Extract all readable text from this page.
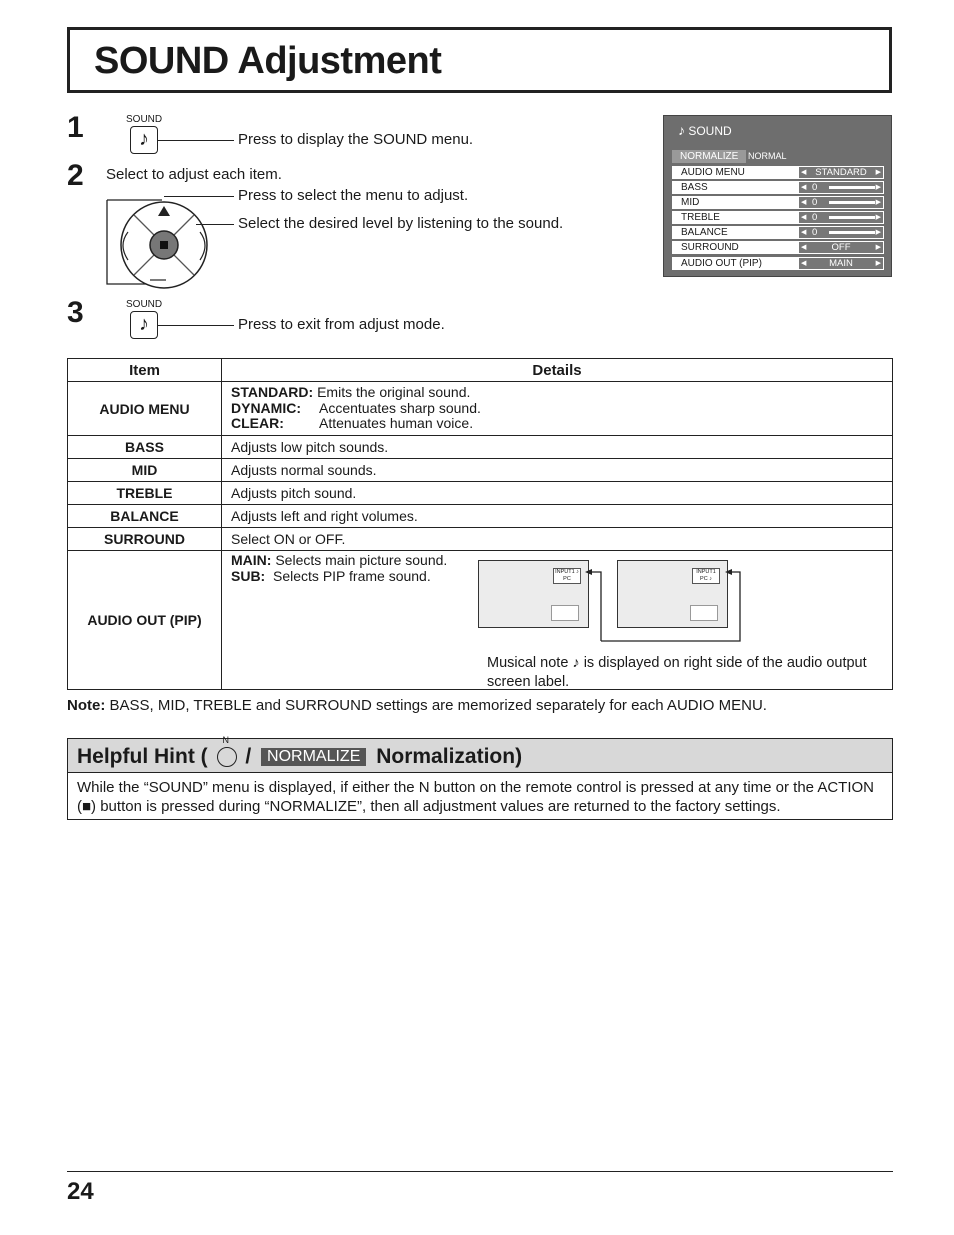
SOUND Adjustment
1	SOUND
♪	Press to display the SOUND menu.
2 Select to adjust each item.
Press to select the menu to adjust.
Select the desired level by listening to the sound.
3	SOUND
♪	Press to exit from adjust mode.
♪ SOUND
NORMALIZE	NORMAL
AUDIO MENU	◀ STANDARD	▶
BASS	◀ 0	▶
MID	◀ 0	▶
TREBLE	◀ 0	▶
BALANCE	◀ 0	▶
SURROUND	◀	OFF	▶
AUDIO OUT (PIP)	◀	MAIN	▶
Item	Details
AUDIO MENU	STANDARD: Emits the original sound.
DYNAMIC: Accentuates sharp sound.
CLEAR: Attenuates human voice.

BASS	Adjusts low pitch sounds.
MID	Adjusts normal sounds.
TREBLE	Adjusts pitch sound.
BALANCE	Adjusts left and right volumes.
SURROUND	Select ON or OFF.
AUDIO OUT (PIP)	MAIN: Selects main picture sound.
SUB: Selects PIP frame sound.
Musical note ♪ is displayed on right side of the audio output screen label.
INPUT1 ♪
PC
INPUT1
PC ♪
Note: BASS, MID, TREBLE and SURROUND settings are memorized separately for each AUDIO MENU.
Helpful Hint (
N
/ NORMALIZE Normalization)
While the “SOUND” menu is displayed, if either the N button on the remote control is pressed at any time or the ACTION (■) button is pressed during “NORMALIZE”, then all adjustment values are returned to the factory settings.
24
